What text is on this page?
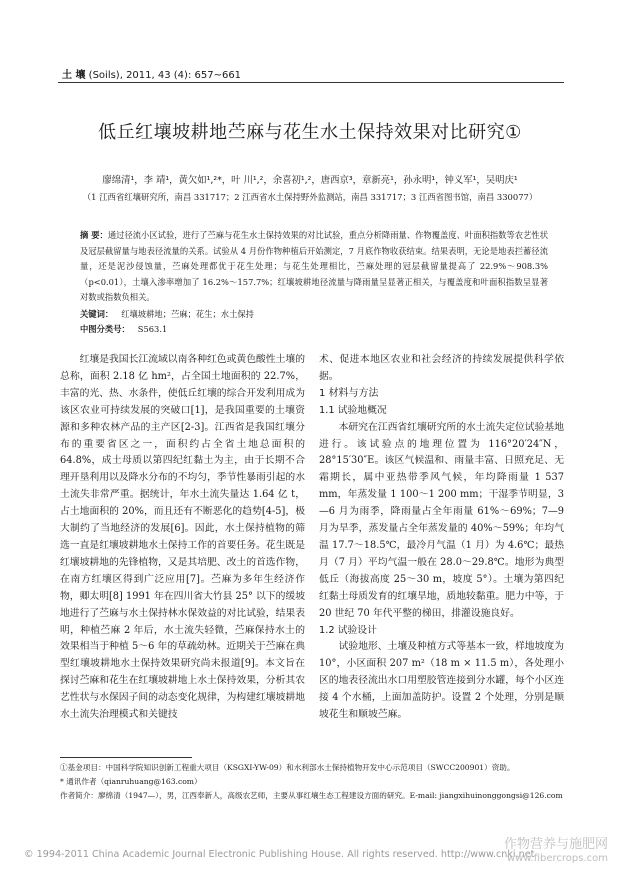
土 壤 (Soils), 2011, 43 (4): 657~661
低丘红壤坡耕地苎麻与花生水土保持效果对比研究①
廖绵清¹，李 靖¹，黄欠如¹,²*，叶 川¹,²，余喜初¹,²，唐西京³，章新亮¹，孙永明¹，钟义军¹，吴明庆¹
（1 江西省红壤研究所，南昌 331717；2 江西省水土保持野外监测站，南昌 331717；3 江西省图书馆，南昌 330077）
摘 要：通过径流小区试验，进行了苎麻与花生水土保持效果的对比试验，重点分析降雨量、作物覆盖度、叶面积指数等农艺性状及冠层截留量与地表径流量的关系。试验从 4 月份作物种植后开始测定，7 月底作物收获结束。结果表明，无论是地表拦蓄径流量，还是泥沙侵蚀量，苎麻处理都优于花生处理；与花生处理相比，苎麻处理的冠层截留量提高了 22.9%～908.3%（p<0.01），土壤入渗率增加了 16.2%～157.7%；红壤坡耕地径流量与降雨量呈显著正相关，与覆盖度和叶面积指数呈显著对数或指数负相关。
关键词： 红壤坡耕地；苎麻；花生；水土保持
中图分类号： S563.1

红壤是我国长江流域以南各种红色或黄色酸性土壤的总称，面积 2.18 亿 hm²，占全国土地面积的 22.7%，丰富的光、热、水条件，使低丘红壤的综合开发利用成为该区农业可持续发展的突破口[1]，是我国重要的土壤资源和多种农林产品的主产区[2-3]。江西省是我国红壤分布的重要省区之一，面积约占全省土地总面积的 64.8%，成土母质以第四纪红黏土为主，由于长期不合理开垦利用以及降水分布的不均匀，季节性暴雨引起的水土流失非常严重。据统计，年水土流失量达 1.64 亿 t，占土地面积的 20%，而且还有不断恶化的趋势[4-5]，极大制约了当地经济的发展[6]。因此，水土保持植物的筛选一直是红壤坡耕地水土保持工作的首要任务。花生既是红壤坡耕地的先锋植物，又是其培肥、改土的首选作物，在南方红壤区得到广泛应用[7]。苎麻为多年生经济作物，卿太明[8] 1991 年在四川省大竹县 25° 以下的缓坡地进行了苎麻与水土保持林水保效益的对比试验，结果表明，种植苎麻 2 年后，水土流失轻微，苎麻保持水土的效果相当于种植 5～6 年的草疏幼林。近期关于苎麻在典型红壤坡耕地水土保持效果研究尚未报道[9]。本文旨在探讨苎麻和花生在红壤坡耕地上水土保持效果，分析其农艺性状与水保因子间的动态变化规律，为构建红壤坡耕地水土流失治理模式和关键技

术、促进本地区农业和社会经济的持续发展提供科学依据。

1 材料与方法

1.1 试验地概况

本研究在江西省红壤研究所的水土流失定位试验基地进行。该试验点的地理位置为 116°20′24″N，28°15′30″E。该区气候温和、雨量丰富、日照充足、无霜期长，属中亚热带季风气候，年均降雨量 1 537 mm，年蒸发量 1 100～1 200 mm；干湿季节明显，3—6 月为雨季，降雨量占全年雨量 61%～69%；7—9 月为旱季，蒸发量占全年蒸发量的 40%～59%；年均气温 17.7～18.5℃，最冷月气温（1 月）为 4.6℃；最热月（7 月）平均气温一般在 28.0～29.8℃。地形为典型低丘（海拔高度 25～30 m，坡度 5°）。土壤为第四纪红黏土母质发育的红壤旱地，质地较黏重。肥力中等，于 20 世纪 70 年代平整的梯田，排灌设施良好。

1.2 试验设计

试验地形、土壤及种植方式等基本一致，样地坡度为 10°，小区面积 207 m²（18 m × 11.5 m），各处理小区的地表径流出水口用塑胶管连接到分水罐，每个小区连接 4 个水桶，上面加盖防护。设置 2 个处理，分别是顺坡花生和顺坡苎麻。

①基金项目：中国科学院知识创新工程重大项目（KSGXI-YW-09）和水利部水土保持植物开发中心示范项目（SWCC200901）资助。
* 通讯作者（qianruhuang@163.com）
作者简介：廖绵清（1947—），男，江西奉新人，高级农艺师，主要从事红壤生态工程建设方面的研究。E-mail: jiangxihuinonggongsi@126.com
© 1994-2011 China Academic Journal Electronic Publishing House. All rights reserved. http://www.cnki.net
作物营养与施肥网
www.fibercrops.com
